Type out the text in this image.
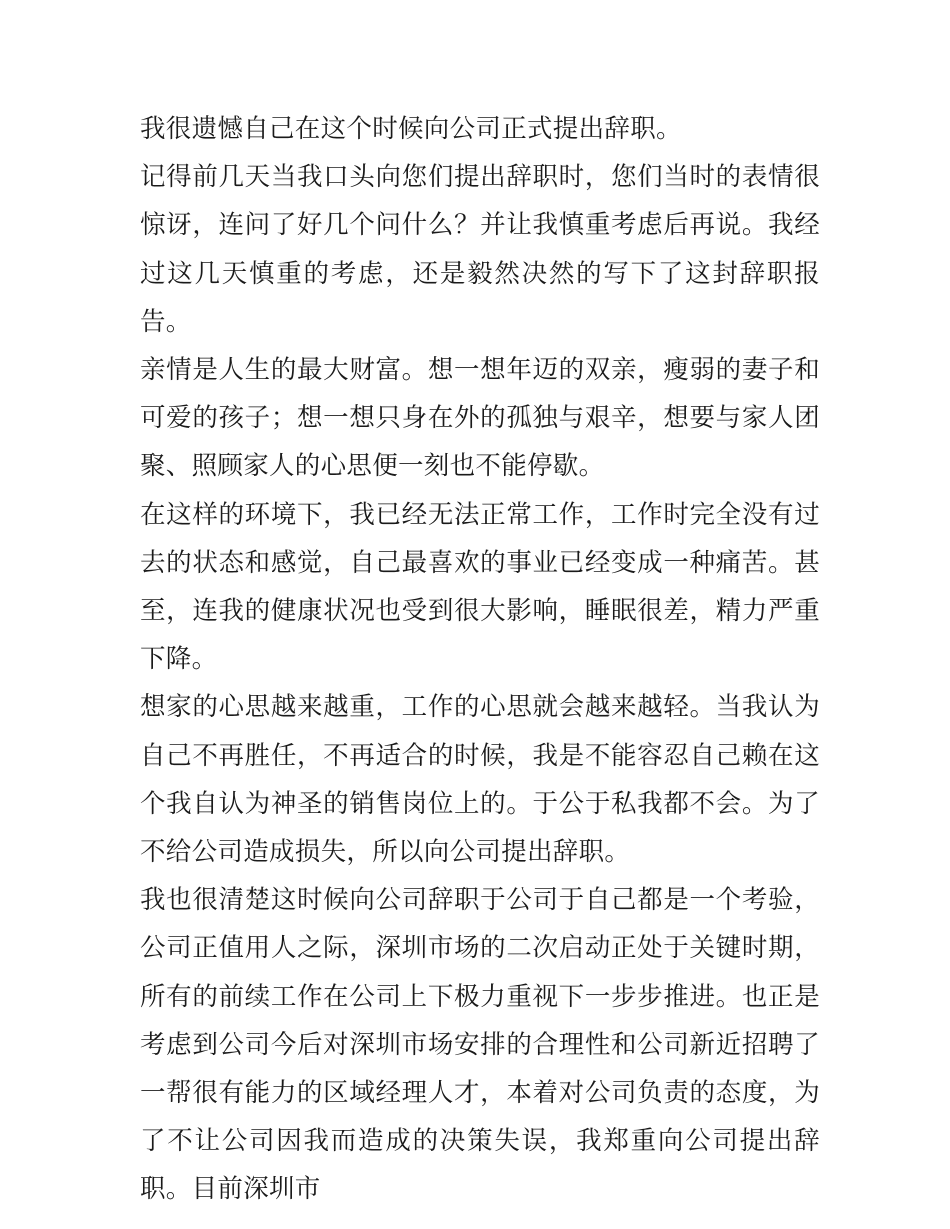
我很遗憾自己在这个时候向公司正式提出辞职。

记得前几天当我口头向您们提出辞职时，您们当时的表情很惊讶，连问了好几个问什么？并让我慎重考虑后再说。我经过这几天慎重的考虑，还是毅然决然的写下了这封辞职报告。

亲情是人生的最大财富。想一想年迈的双亲，瘦弱的妻子和可爱的孩子；想一想只身在外的孤独与艰辛，想要与家人团聚、照顾家人的心思便一刻也不能停歇。

在这样的环境下，我已经无法正常工作，工作时完全没有过去的状态和感觉，自己最喜欢的事业已经变成一种痛苦。甚至，连我的健康状况也受到很大影响，睡眠很差，精力严重下降。

想家的心思越来越重，工作的心思就会越来越轻。当我认为自己不再胜任，不再适合的时候，我是不能容忍自己赖在这个我自认为神圣的销售岗位上的。于公于私我都不会。为了不给公司造成损失，所以向公司提出辞职。

我也很清楚这时候向公司辞职于公司于自己都是一个考验，公司正值用人之际，深圳市场的二次启动正处于关键时期，所有的前续工作在公司上下极力重视下一步步推进。也正是考虑到公司今后对深圳市场安排的合理性和公司新近招聘了一帮很有能力的区域经理人才，本着对公司负责的态度，为了不让公司因我而造成的决策失误，我郑重向公司提出辞职。目前深圳市
